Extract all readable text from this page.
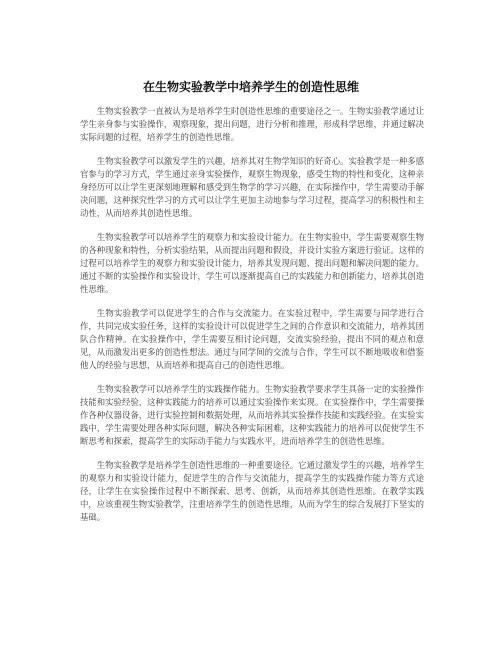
在生物实验教学中培养学生的创造性思维

生物实验教学一直被认为是培养学生时创造性思维的重要途径之一。生物实验教学通过让学生亲身参与实验操作，观察现象，提出问题，进行分析和推理，形成科学思维，并通过解决实际问题的过程，培养学生的创造性思维。

生物实验教学可以激发学生的兴趣，培养其对生物学知识的好奇心。实验教学是一种多感官参与的学习方式，学生通过亲身实验操作，观察生物现象，感受生物的特性和变化，这种亲身经历可以让学生更深刻地理解和感受到生物学的学习兴趣，在实际操作中，学生需要动手解决问题，这种探究性学习的方式可以让学生更加主动地参与学习过程，提高学习的积极性和主动性，从而培养其创造性思维。

生物实验教学可以培养学生的观察力和实验设计能力。在生物实验中，学生需要观察生物的各种现象和特性，分析实验结果，从而提出问题和假设，并设计实验方案进行验证。这样的过程可以培养学生的观察力和实验设计能力，培养其发现问题、提出问题和解决问题的能力。通过不断的实验操作和实验设计，学生可以逐渐提高自己的实践能力和创新能力，培养其创造性思维。

生物实验教学可以促进学生的合作与交流能力。在实验过程中，学生需要与同学进行合作，共同完成实验任务，这样的实验设计可以促进学生之间的合作意识和交流能力，培养其团队合作精神。在实验操作中，学生需要互相讨论问题，交流实验经验，提出不同的观点和意见，从而激发出更多的创造性想法。通过与同学间的交流与合作，学生可以不断地吸收和借鉴他人的经验与思想，从而培养和提高自己的创造性思维。

生物实验教学可以培养学生的实践操作能力。生物实验教学要求学生具备一定的实验操作技能和实验经验，这种实践能力的培养可以通过实验操作来实现。在实验操作中，学生需要操作各种仪器设备，进行实验控制和数据处理，从而培养其实验操作技能和实践经验。在实验实践中，学生需要处理各种实际问题，解决各种实际困难，这种实践能力的培养可以促使学生不断思考和探索，提高学生的实际动手能力与实践水平，进而培养学生的创造性思维。

生物实验教学是培养学生创造性思维的一种重要途径。它通过激发学生的兴趣，培养学生的观察力和实验设计能力，促进学生的合作与交流能力，提高学生的实践操作能力等方式途径，让学生在实验操作过程中不断探索、思考、创新，从而培养其创造性思维。在教学实践中，应该重视生物实验教学，注重培养学生的创造性思维，从而为学生的综合发展打下坚实的基础。
